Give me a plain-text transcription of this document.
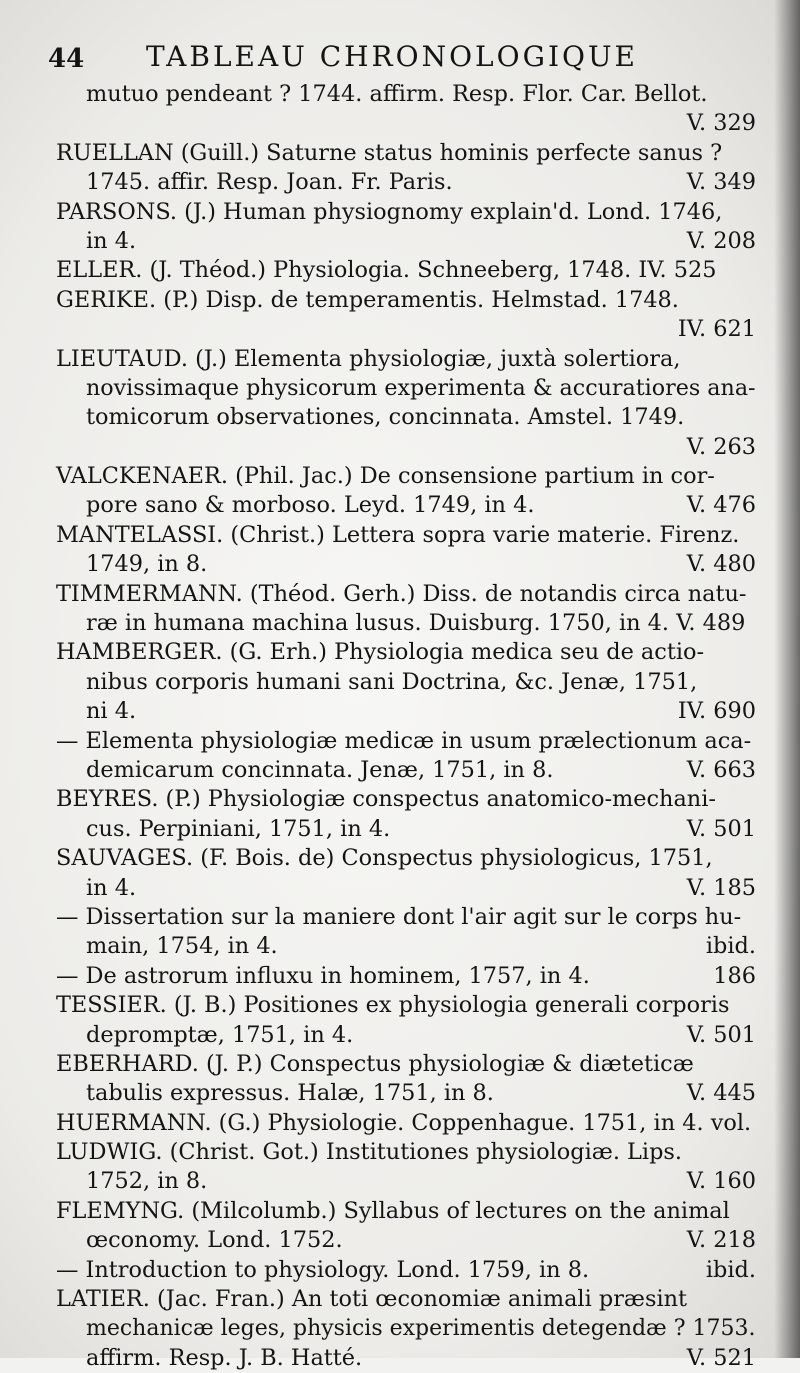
44 TABLEAU CHRONOLOGIQUE
mutuo pendeant ? 1744. affirm. Resp. Flor. Car. Bellot.
V. 329
RUELLAN (Guill.) Saturne status hominis perfecte sanus ?
1745. affir. Resp. Joan. Fr. Paris.	V. 349
PARSONS. (J.) Human physiognomy explain'd. Lond. 1746,
in 4.	V. 208
ELLER. (J. Théod.) Physiologia. Schneeberg, 1748. IV. 525
GERIKE. (P.) Disp. de temperamentis. Helmstad. 1748.
IV. 621
LIEUTAUD. (J.) Elementa physiologiæ, juxtà solertiora,
novissimaque physicorum experimenta & accuratiores ana-
tomicorum observationes, concinnata. Amstel. 1749.
V. 263
VALCKENAER. (Phil. Jac.) De consensione partium in cor-
pore sano & morboso. Leyd. 1749, in 4.	V. 476
MANTELASSI. (Christ.) Lettera sopra varie materie. Firenz.
1749, in 8.	V. 480
TIMMERMANN. (Théod. Gerh.) Diss. de notandis circa natu-
ræ in humana machina lusus. Duisburg. 1750, in 4. V. 489
HAMBERGER. (G. Erh.) Physiologia medica seu de actio-
nibus corporis humani sani Doctrina, &c. Jenæ, 1751,
ni 4.	IV. 690
— Elementa physiologiæ medicæ in usum prælectionum aca-
demicarum concinnata. Jenæ, 1751, in 8.	V. 663
BEYRES. (P.) Physiologiæ conspectus anatomico-mechani-
cus. Perpiniani, 1751, in 4.	V. 501
SAUVAGES. (F. Bois. de) Conspectus physiologicus, 1751,
in 4.	V. 185
— Dissertation sur la maniere dont l'air agit sur le corps hu-
main, 1754, in 4.	ibid.
— De astrorum influxu in hominem, 1757, in 4.	186
TESSIER. (J. B.) Positiones ex physiologia generali corporis
depromptæ, 1751, in 4.	V. 501
EBERHARD. (J. P.) Conspectus physiologiæ & diæteticæ
tabulis expressus. Halæ, 1751, in 8.	V. 445
HUERMANN. (G.) Physiologie. Coppenhague. 1751, in 4. vol.
LUDWIG. (Christ. Got.) Institutiones physiologiæ. Lips.
1752, in 8.	V. 160
FLEMYNG. (Milcolumb.) Syllabus of lectures on the animal
œconomy. Lond. 1752.	V. 218
— Introduction to physiology. Lond. 1759, in 8.	ibid.
LATIER. (Jac. Fran.) An toti œconomiæ animali præsint
mechanicæ leges, physicis experimentis detegendæ ? 1753.
affirm. Resp. J. B. Hatté.	V. 521
